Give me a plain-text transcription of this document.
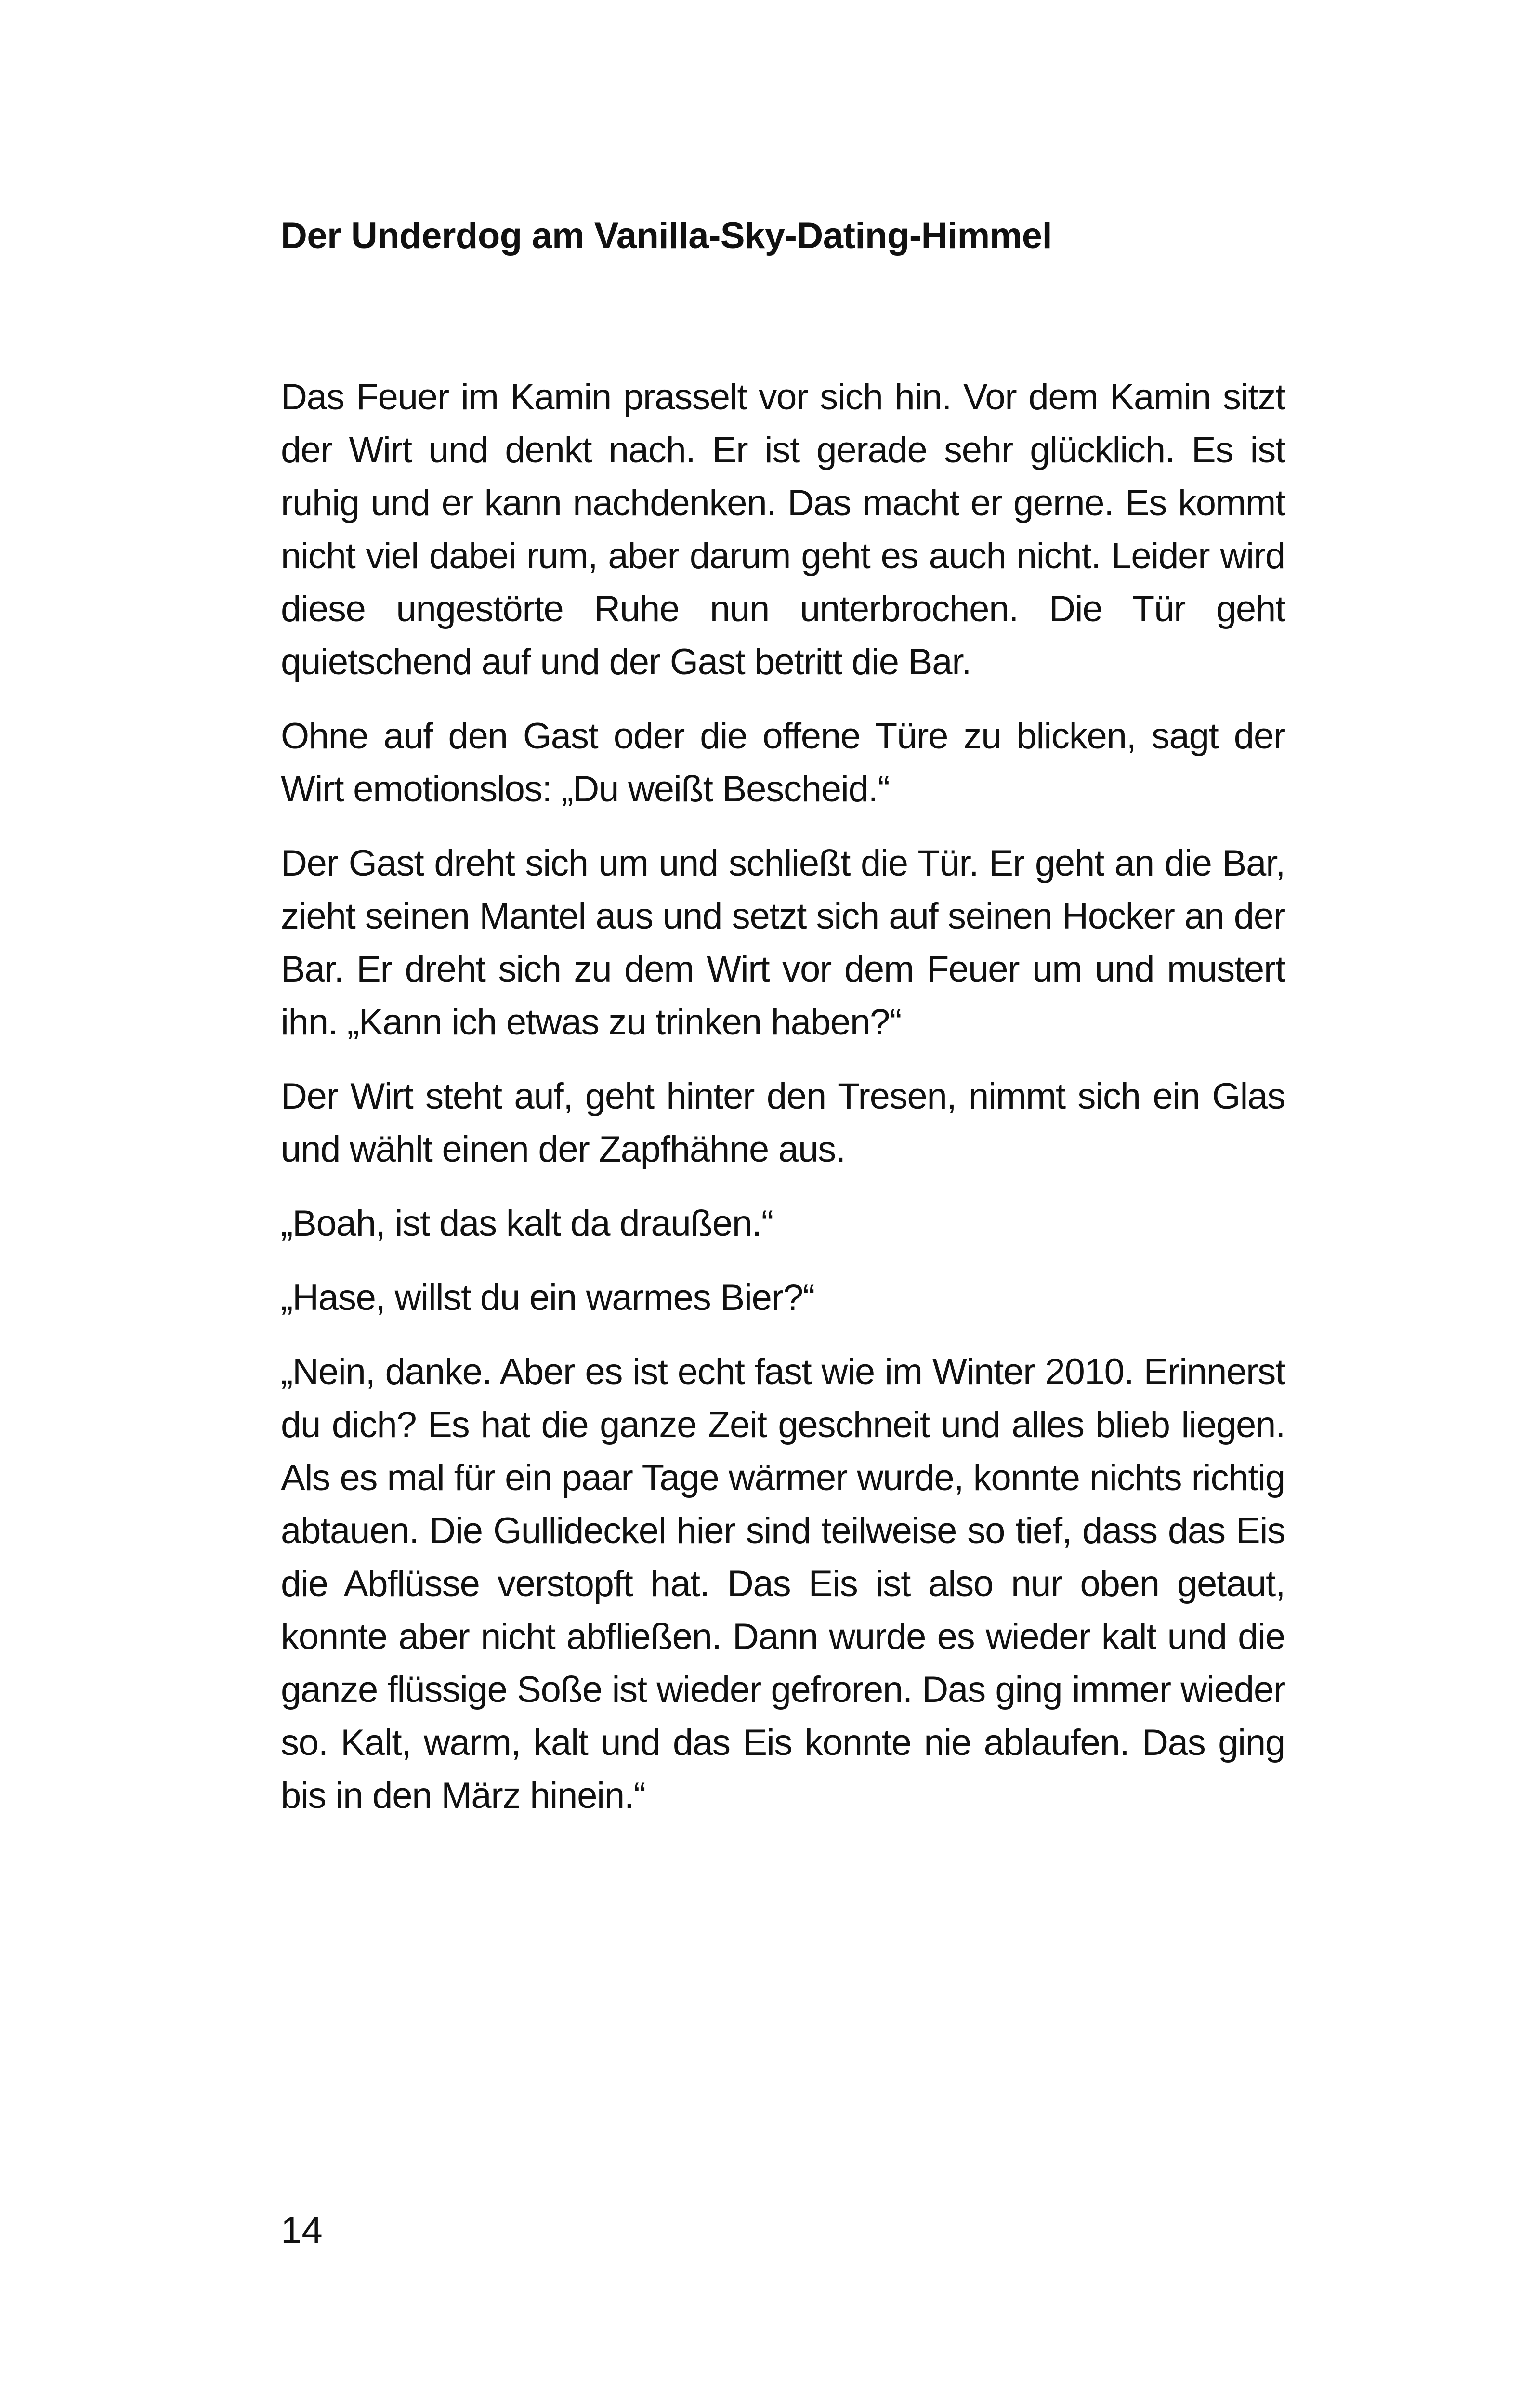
Der Underdog am Vanilla-Sky-Dating-Himmel

Das Feuer im Kamin prasselt vor sich hin. Vor dem Kamin sitzt der Wirt und denkt nach. Er ist gerade sehr glücklich. Es ist ruhig und er kann nachdenken. Das macht er gerne. Es kommt nicht viel dabei rum, aber darum geht es auch nicht. Leider wird diese ungestörte Ruhe nun unterbrochen. Die Tür geht quietschend auf und der Gast betritt die Bar.

Ohne auf den Gast oder die offene Türe zu blicken, sagt der Wirt emotionslos: „Du weißt Bescheid.“

Der Gast dreht sich um und schließt die Tür. Er geht an die Bar, zieht seinen Mantel aus und setzt sich auf seinen Hocker an der Bar. Er dreht sich zu dem Wirt vor dem Feuer um und mustert ihn. „Kann ich etwas zu trinken haben?“

Der Wirt steht auf, geht hinter den Tresen, nimmt sich ein Glas und wählt einen der Zapfhähne aus.

„Boah, ist das kalt da draußen.“

„Hase, willst du ein warmes Bier?“

„Nein, danke. Aber es ist echt fast wie im Winter 2010. Erinnerst du dich? Es hat die ganze Zeit geschneit und alles blieb liegen. Als es mal für ein paar Tage wärmer wurde, konnte nichts richtig abtauen. Die Gullideckel hier sind teilweise so tief, dass das Eis die Abflüsse verstopft hat. Das Eis ist also nur oben getaut, konnte aber nicht abfließen. Dann wurde es wieder kalt und die ganze flüssige Soße ist wieder gefroren. Das ging immer wieder so. Kalt, warm, kalt und das Eis konnte nie ablaufen. Das ging bis in den März hinein.“

14
